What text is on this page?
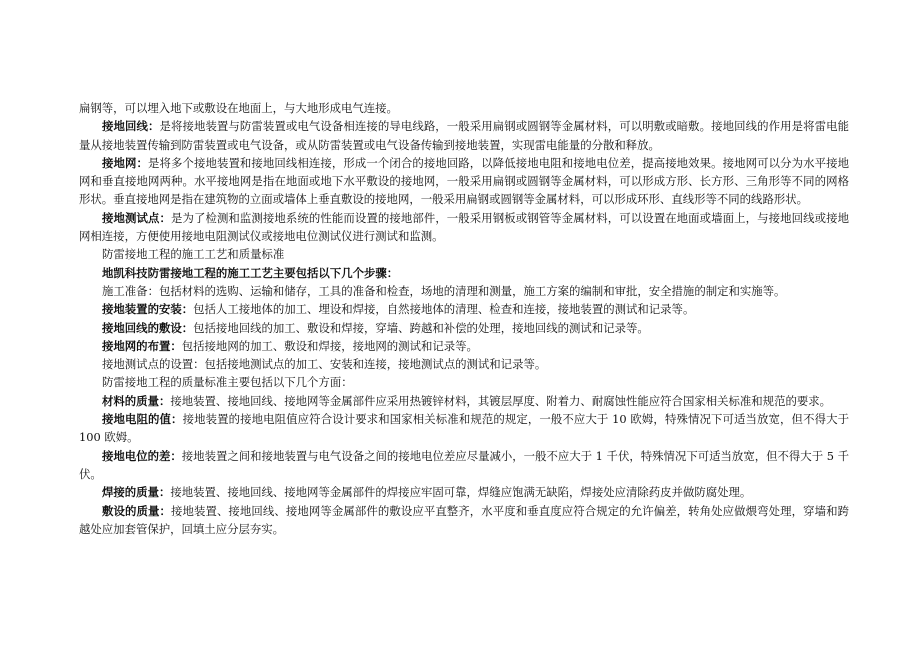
扁钢等，可以埋入地下或敷设在地面上，与大地形成电气连接。

接地回线：是将接地装置与防雷装置或电气设备相连接的导电线路，一般采用扁钢或圆钢等金属材料，可以明敷或暗敷。接地回线的作用是将雷电能量从接地装置传输到防雷装置或电气设备，或从防雷装置或电气设备传输到接地装置，实现雷电能量的分散和释放。

接地网：是将多个接地装置和接地回线相连接，形成一个闭合的接地回路，以降低接地电阻和接地电位差，提高接地效果。接地网可以分为水平接地网和垂直接地网两种。水平接地网是指在地面或地下水平敷设的接地网，一般采用扁钢或圆钢等金属材料，可以形成方形、长方形、三角形等不同的网格形状。垂直接地网是指在建筑物的立面或墙体上垂直敷设的接地网，一般采用扁钢或圆钢等金属材料，可以形成环形、直线形等不同的线路形状。

接地测试点：是为了检测和监测接地系统的性能而设置的接地部件，一般采用钢板或钢管等金属材料，可以设置在地面或墙面上，与接地回线或接地网相连接，方便使用接地电阻测试仪或接地电位测试仪进行测试和监测。

防雷接地工程的施工工艺和质量标准

地凯科技防雷接地工程的施工工艺主要包括以下几个步骤：

施工准备：包括材料的选购、运输和储存，工具的准备和检查，场地的清理和测量，施工方案的编制和审批，安全措施的制定和实施等。

接地装置的安装：包括人工接地体的加工、埋设和焊接，自然接地体的清理、检查和连接，接地装置的测试和记录等。

接地回线的敷设：包括接地回线的加工、敷设和焊接，穿墙、跨越和补偿的处理，接地回线的测试和记录等。

接地网的布置：包括接地网的加工、敷设和焊接，接地网的测试和记录等。

接地测试点的设置：包括接地测试点的加工、安装和连接，接地测试点的测试和记录等。

防雷接地工程的质量标准主要包括以下几个方面：

材料的质量：接地装置、接地回线、接地网等金属部件应采用热镀锌材料，其镀层厚度、附着力、耐腐蚀性能应符合国家相关标准和规范的要求。

接地电阻的值：接地装置的接地电阻值应符合设计要求和国家相关标准和规范的规定，一般不应大于 10 欧姆，特殊情况下可适当放宽，但不得大于 100 欧姆。

接地电位的差：接地装置之间和接地装置与电气设备之间的接地电位差应尽量减小，一般不应大于 1 千伏，特殊情况下可适当放宽，但不得大于 5 千伏。

焊接的质量：接地装置、接地回线、接地网等金属部件的焊接应牢固可靠，焊缝应饱满无缺陷，焊接处应清除药皮并做防腐处理。

敷设的质量：接地装置、接地回线、接地网等金属部件的敷设应平直整齐，水平度和垂直度应符合规定的允许偏差，转角处应做煨弯处理，穿墙和跨越处应加套管保护，回填土应分层夯实。
